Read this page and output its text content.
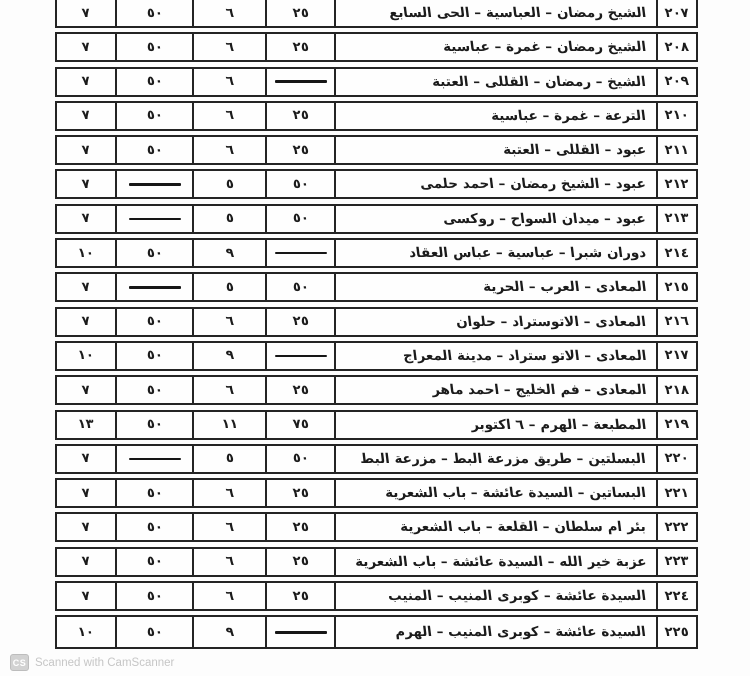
٢٠٧
الشيخ رمضان – العباسية – الحى السابع
٢٥
٦
٥٠
٧
٢٠٨
الشيخ رمضان – غمرة – عباسية
٢٥
٦
٥٠
٧
٢٠٩
الشيخ – رمضان – القللى – العتبة
٦
٥٠
٧
٢١٠
الترعة – غمرة – عباسية
٢٥
٦
٥٠
٧
٢١١
عبود – القللى – العتبة
٢٥
٦
٥٠
٧
٢١٢
عبود – الشيخ رمضان – احمد حلمى
٥٠
٥
٧
٢١٣
عبود – ميدان السواح – روكسى
٥٠
٥
٧
٢١٤
دوران شبرا – عباسية – عباس العقاد
٩
٥٠
١٠
٢١٥
المعادى – العرب – الحرية
٥٠
٥
٧
٢١٦
المعادى – الاتوستراد – حلوان
٢٥
٦
٥٠
٧
٢١٧
المعادى – الاتو ستراد – مدينة المعراج
٩
٥٠
١٠
٢١٨
المعادى – فم الخليج – احمد ماهر
٢٥
٦
٥٠
٧
٢١٩
المطبعة – الهرم – ٦ اكتوبر
٧٥
١١
٥٠
١٣
٢٢٠
البسلتين – طريق مزرعة البط – مزرعة البط
٥٠
٥
٧
٢٢١
البساتين – السيدة عائشة – باب الشعرية
٢٥
٦
٥٠
٧
٢٢٢
بئر ام سلطان – القلعة – باب الشعرية
٢٥
٦
٥٠
٧
٢٢٣
عزبة خير الله – السيدة عائشة – باب الشعرية
٢٥
٦
٥٠
٧
٢٢٤
السيدة عائشة – كوبرى المنيب – المنيب
٢٥
٦
٥٠
٧
٢٢٥
السيدة عائشة – كوبرى المنيب – الهرم
٩
٥٠
١٠
CS Scanned with CamScanner
